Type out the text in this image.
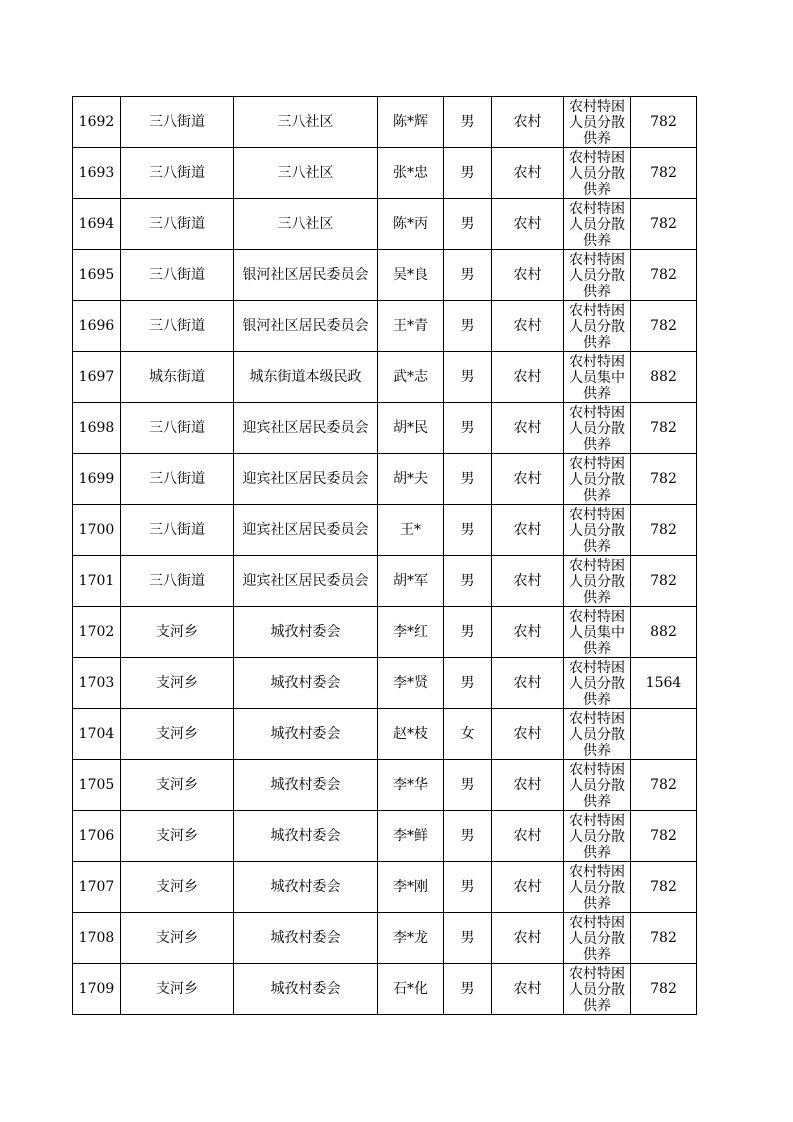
1692	三八街道	三八社区	陈*辉	男	农村	农村特困人员分散供养	782
1693	三八街道	三八社区	张*忠	男	农村	农村特困人员分散供养	782
1694	三八街道	三八社区	陈*丙	男	农村	农村特困人员分散供养	782
1695	三八街道	银河社区居民委员会	吴*良	男	农村	农村特困人员分散供养	782
1696	三八街道	银河社区居民委员会	王*青	男	农村	农村特困人员分散供养	782
1697	城东街道	城东街道本级民政	武*志	男	农村	农村特困人员集中供养	882
1698	三八街道	迎宾社区居民委员会	胡*民	男	农村	农村特困人员分散供养	782
1699	三八街道	迎宾社区居民委员会	胡*夫	男	农村	农村特困人员分散供养	782
1700	三八街道	迎宾社区居民委员会	王*	男	农村	农村特困人员分散供养	782
1701	三八街道	迎宾社区居民委员会	胡*军	男	农村	农村特困人员分散供养	782
1702	支河乡	城孜村委会	李*红	男	农村	农村特困人员集中供养	882
1703	支河乡	城孜村委会	李*贤	男	农村	农村特困人员分散供养	1564
1704	支河乡	城孜村委会	赵*枝	女	农村	农村特困人员分散供养	

1705	支河乡	城孜村委会	李*华	男	农村	农村特困人员分散供养	782
1706	支河乡	城孜村委会	李*鲜	男	农村	农村特困人员分散供养	782
1707	支河乡	城孜村委会	李*刚	男	农村	农村特困人员分散供养	782
1708	支河乡	城孜村委会	李*龙	男	农村	农村特困人员分散供养	782
1709	支河乡	城孜村委会	石*化	男	农村	农村特困人员分散供养	782
